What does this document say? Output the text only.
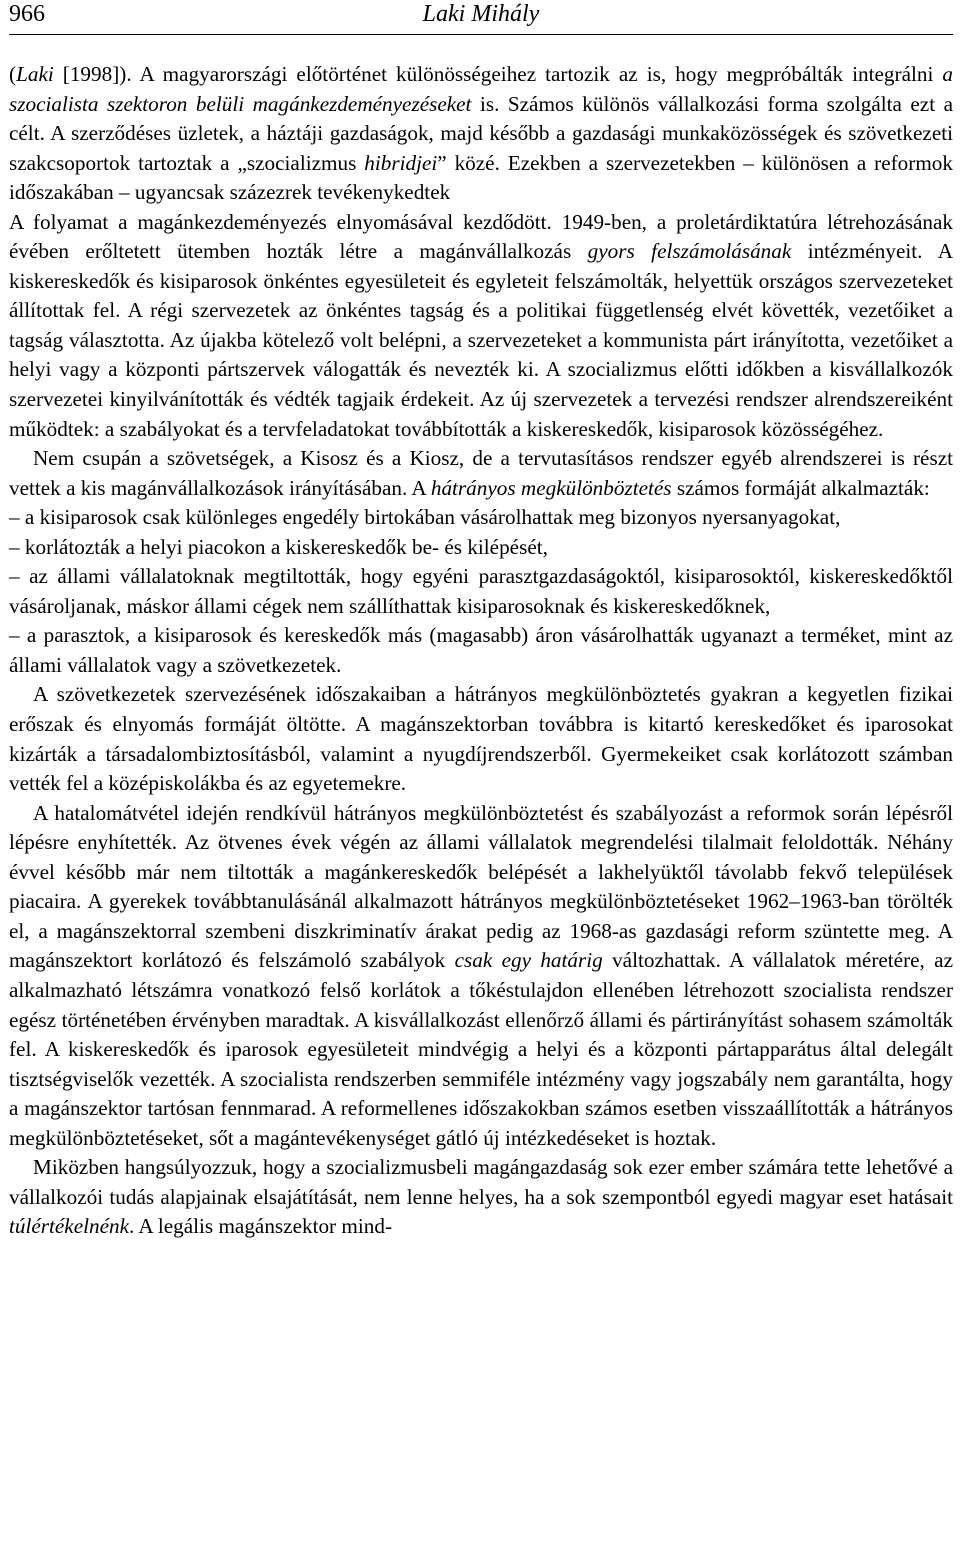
966	Laki Mihály

(Laki [1998]). A magyarországi előtörténet különösségeihez tartozik az is, hogy megpróbálták integrálni a szocialista szektoron belüli magánkezdeményezéseket is. Számos különös vállalkozási forma szolgálta ezt a célt. A szerződéses üzletek, a háztáji gazdaságok, majd később a gazdasági munkaközösségek és szövetkezeti szakcsoportok tartoztak a „szocializmus hibridjei” közé. Ezekben a szervezetekben – különösen a reformok időszakában – ugyancsak százezrek tevékenykedtek

A folyamat a magánkezdeményezés elnyomásával kezdődött. 1949-ben, a proletárdiktatúra létrehozásának évében erőltetett ütemben hozták létre a magánvállalkozás gyors felszámolásának intézményeit. A kiskereskedők és kisiparosok önkéntes egyesületeit és egyleteit felszámolták, helyettük országos szervezeteket állítottak fel. A régi szervezetek az önkéntes tagság és a politikai függetlenség elvét követték, vezetőiket a tagság választotta. Az újakba kötelező volt belépni, a szervezeteket a kommunista párt irányította, vezetőiket a helyi vagy a központi pártszervek válogatták és nevezték ki. A szocializmus előtti időkben a kisvállalkozók szervezetei kinyilvánították és védték tagjaik érdekeit. Az új szervezetek a tervezési rendszer alrendszereiként működtek: a szabályokat és a tervfeladatokat továbbították a kiskereskedők, kisiparosok közösségéhez.

Nem csupán a szövetségek, a Kisosz és a Kiosz, de a tervutasításos rendszer egyéb alrendszerei is részt vettek a kis magánvállalkozások irányításában. A hátrányos megkülönböztetés számos formáját alkalmazták:

– a kisiparosok csak különleges engedély birtokában vásárolhattak meg bizonyos nyersanyagokat,

– korlátozták a helyi piacokon a kiskereskedők be- és kilépését,

– az állami vállalatoknak megtiltották, hogy egyéni parasztgazdaságoktól, kisiparosoktól, kiskereskedőktől vásároljanak, máskor állami cégek nem szállíthattak kisiparosoknak és kiskereskedőknek,

– a parasztok, a kisiparosok és kereskedők más (magasabb) áron vásárolhatták ugyanazt a terméket, mint az állami vállalatok vagy a szövetkezetek.

A szövetkezetek szervezésének időszakaiban a hátrányos megkülönböztetés gyakran a kegyetlen fizikai erőszak és elnyomás formáját öltötte. A magánszektorban továbbra is kitartó kereskedőket és iparosokat kizárták a társadalombiztosításból, valamint a nyugdíjrendszerből. Gyermekeiket csak korlátozott számban vették fel a középiskolákba és az egyetemekre.

A hatalomátvétel idején rendkívül hátrányos megkülönböztetést és szabályozást a reformok során lépésről lépésre enyhítették. Az ötvenes évek végén az állami vállalatok megrendelési tilalmait feloldották. Néhány évvel később már nem tiltották a magánkereskedők belépését a lakhelyüktől távolabb fekvő települések piacaira. A gyerekek továbbtanulásánál alkalmazott hátrányos megkülönböztetéseket 1962–1963-ban törölték el, a magánszektorral szembeni diszkriminatív árakat pedig az 1968-as gazdasági reform szüntette meg. A magánszektort korlátozó és felszámoló szabályok csak egy határig változhattak. A vállalatok méretére, az alkalmazható létszámra vonatkozó felső korlátok a tőkéstulajdon ellenében létrehozott szocialista rendszer egész történetében érvényben maradtak. A kisvállalkozást ellenőrző állami és pártirányítást sohasem számolták fel. A kiskereskedők és iparosok egyesületeit mindvégig a helyi és a központi pártapparátus által delegált tisztségviselők vezették. A szocialista rendszerben semmiféle intézmény vagy jogszabály nem garantálta, hogy a magánszektor tartósan fennmarad. A reformellenes időszakokban számos esetben visszaállították a hátrányos megkülönböztetéseket, sőt a magántevékenységet gátló új intézkedéseket is hoztak.

Miközben hangsúlyozzuk, hogy a szocializmusbeli magángazdaság sok ezer ember számára tette lehetővé a vállalkozói tudás alapjainak elsajátítását, nem lenne helyes, ha a sok szempontból egyedi magyar eset hatásait túlértékelnénk. A legális magánszektor mind-
